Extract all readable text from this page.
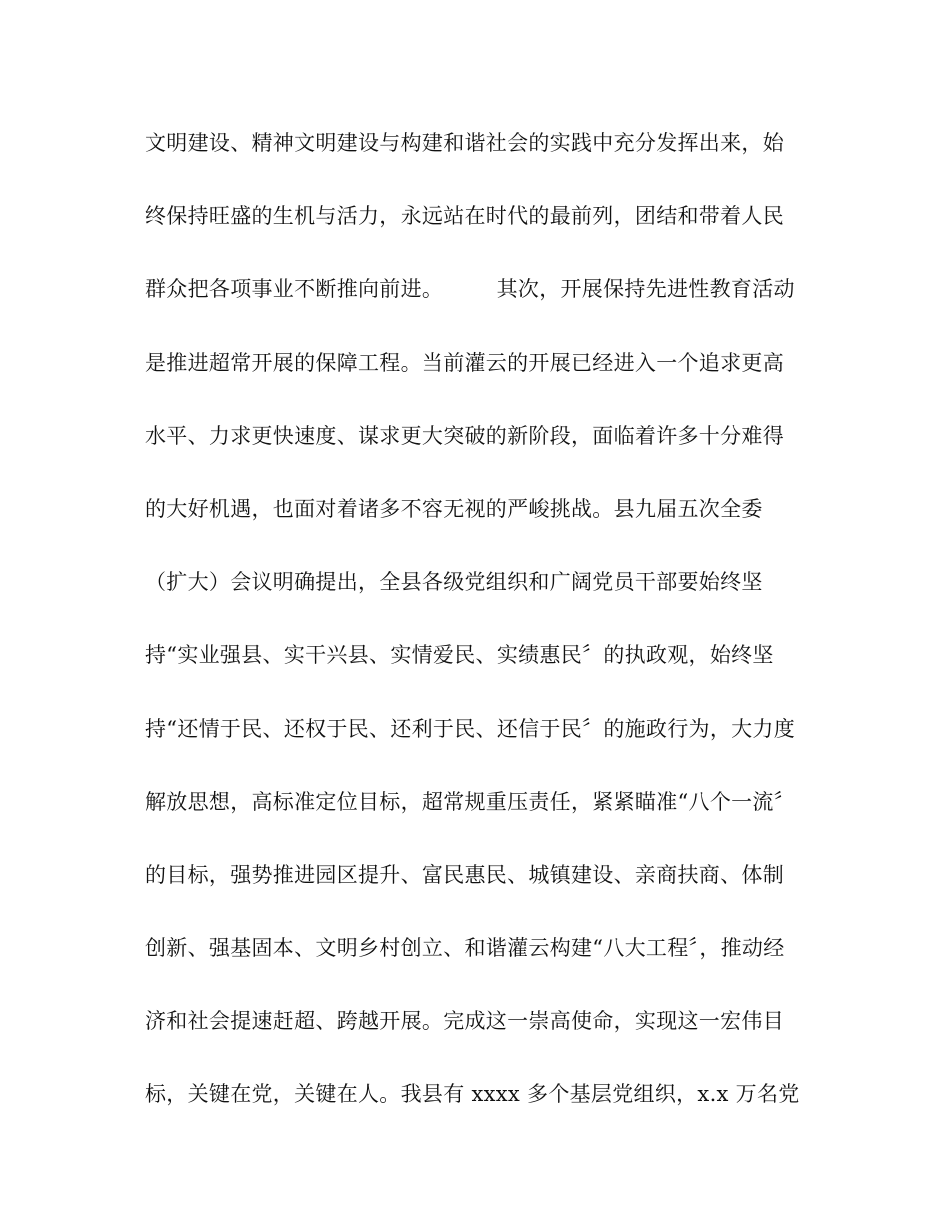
文明建设、精神文明建设与构建和谐社会的实践中充分发挥出来，始
终保持旺盛的生机与活力，永远站在时代的最前列，团结和带着人民
群众把各项事业不断推向前进。　　　其次，开展保持先进性教育活动
是推进超常开展的保障工程。当前灌云的开展已经进入一个追求更高
水平、力求更快速度、谋求更大突破的新阶段，面临着许多十分难得
的大好机遇，也面对着诸多不容无视的严峻挑战。县九届五次全委
（扩大）会议明确提出，全县各级党组织和广阔党员干部要始终坚
持“实业强县、实干兴县、实情爱民、实绩惠民〞的执政观，始终坚
持“还情于民、还权于民、还利于民、还信于民〞的施政行为，大力度
解放思想，高标准定位目标，超常规重压责任，紧紧瞄准“八个一流〞
的目标，强势推进园区提升、富民惠民、城镇建设、亲商扶商、体制
创新、强基固本、文明乡村创立、和谐灌云构建“八大工程〞，推动经
济和社会提速赶超、跨越开展。完成这一崇高使命，实现这一宏伟目
标，关键在党，关键在人。我县有 xxxx 多个基层党组织，x.x 万名党
